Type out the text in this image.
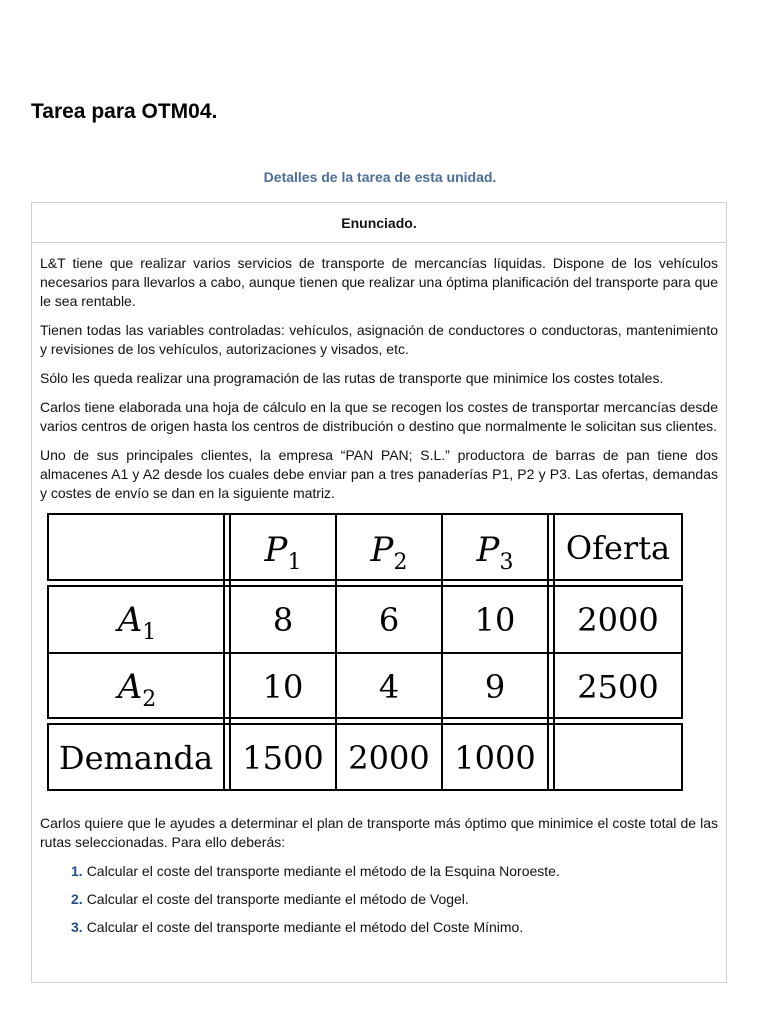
Tarea para OTM04.
Detalles de la tarea de esta unidad.
Enunciado.

L&T tiene que realizar varios servicios de transporte de mercancías líquidas. Dispone de los vehículos necesarios para llevarlos a cabo, aunque tienen que realizar una óptima planificación del transporte para que le sea rentable.

Tienen todas las variables controladas: vehículos, asignación de conductores o conductoras, mantenimiento y revisiones de los vehículos, autorizaciones y visados, etc.

Sólo les queda realizar una programación de las rutas de transporte que minimice los costes totales.

Carlos tiene elaborada una hoja de cálculo en la que se recogen los costes de transportar mercancías desde varios centros de origen hasta los centros de distribución o destino que normalmente le solicitan sus clientes.

Uno de sus principales clientes, la empresa “PAN PAN; S.L.” productora de barras de pan tiene dos almacenes A1 y A2 desde los cuales debe enviar pan a tres panaderías P1, P2 y P3. Las ofertas, demandas y costes de envío se dan en la siguiente matriz.

$P_1$ $P_2$ $P_3$ Oferta
$A_1$	8	6 10 2000
$A_2$	10 4	9 2500
Demanda 1500 2000 1000

Carlos quiere que le ayudes a determinar el plan de transporte más óptimo que minimice el coste total de las rutas seleccionadas. Para ello deberás:

1. Calcular el coste del transporte mediante el método de la Esquina Noroeste.
2. Calcular el coste del transporte mediante el método de Vogel.
3. Calcular el coste del transporte mediante el método del Coste Mínimo.
